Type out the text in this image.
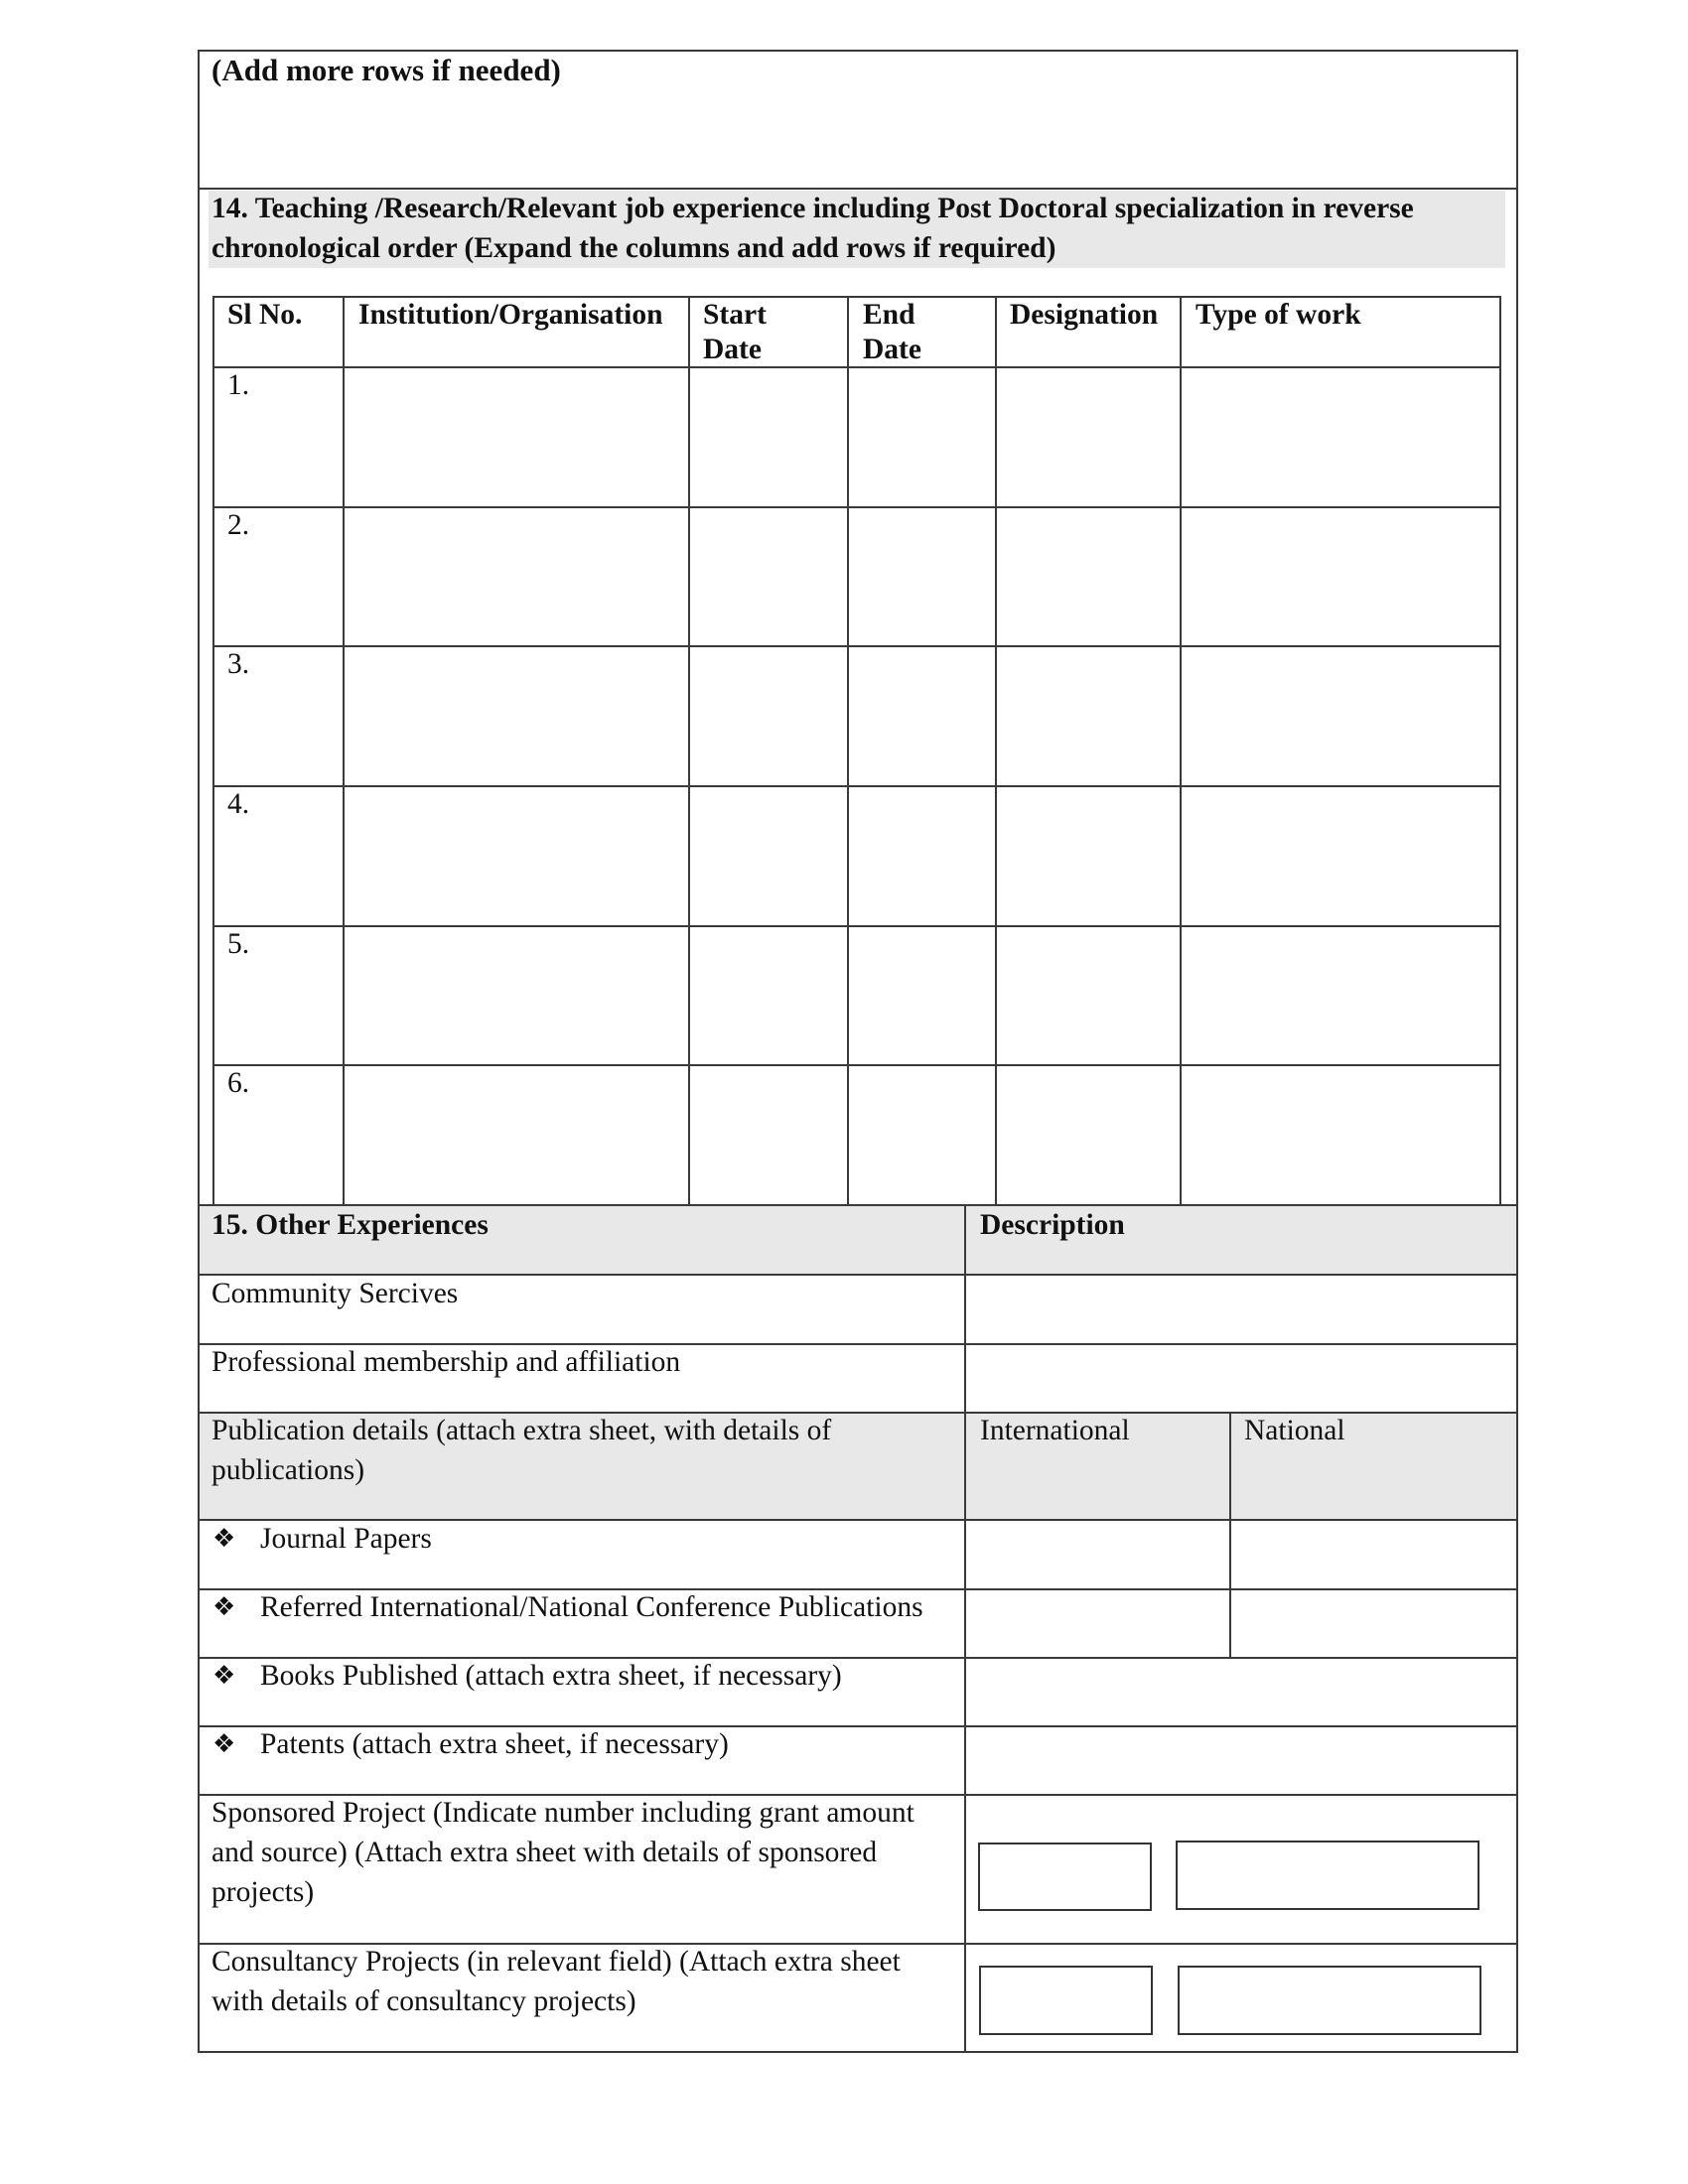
(Add more rows if needed)
14. Teaching /Research/Relevant job experience including Post Doctoral specialization in reverse
chronological order (Expand the columns and add rows if required)
Sl No. Institution/Organisation Start
Date
End
Date
Designation Type of work
1.
2.
3.
4.
5.
6.
15. Other Experiences	Description
Community Sercives
Professional membership and affiliation
Publication details (attach extra sheet, with details of
publications)
International	National
❖ Journal Papers
❖ Referred International/National Conference Publications
❖ Books Published (attach extra sheet, if necessary)
❖ Patents (attach extra sheet, if necessary)
Sponsored Project (Indicate number including grant amount
and source) (Attach extra sheet with details of sponsored
projects)
Consultancy Projects (in relevant field) (Attach extra sheet
with details of consultancy projects)
